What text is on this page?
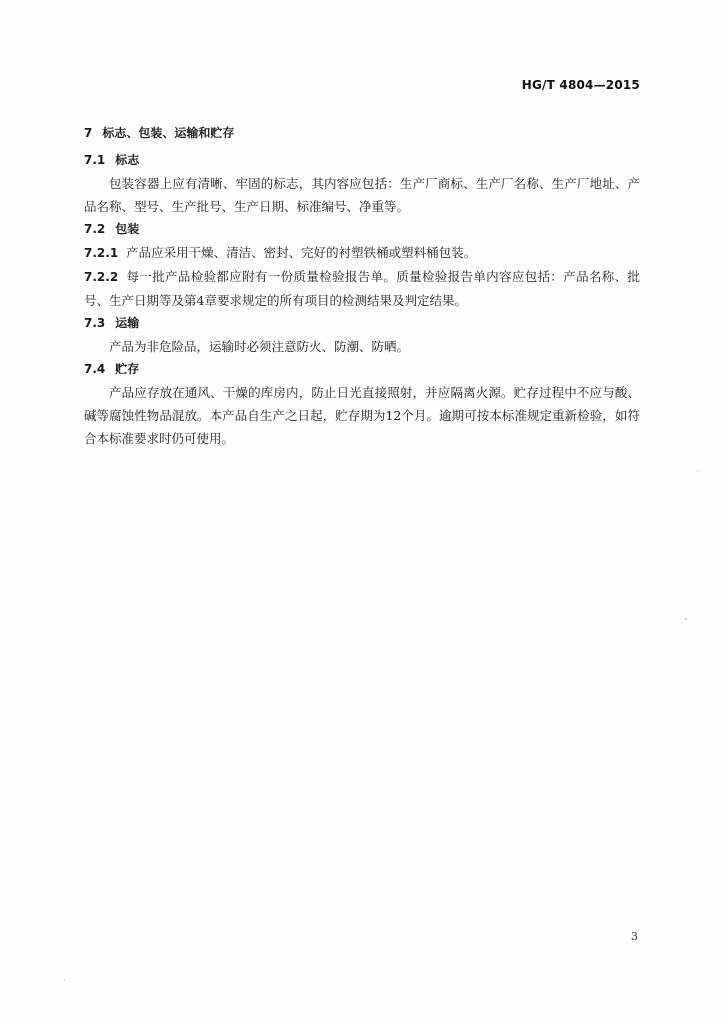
HG/T 4804—2015
7 标志、包装、运输和贮存
7.1 标志

包装容器上应有清晰、牢固的标志，其内容应包括：生产厂商标、生产厂名称、生产厂地址、产品名称、型号、生产批号、生产日期、标准编号、净重等。

7.2 包装

7.2.1 产品应采用干燥、清洁、密封、完好的衬塑铁桶或塑料桶包装。

7.2.2 每一批产品检验都应附有一份质量检验报告单。质量检验报告单内容应包括：产品名称、批号、生产日期等及第4章要求规定的所有项目的检测结果及判定结果。

7.3 运输

产品为非危险品，运输时必须注意防火、防潮、防晒。

7.4 贮存

产品应存放在通风、干燥的库房内，防止日光直接照射，并应隔离火源。贮存过程中不应与酸、碱等腐蚀性物品混放。本产品自生产之日起，贮存期为12个月。逾期可按本标准规定重新检验，如符合本标准要求时仍可使用。

3
